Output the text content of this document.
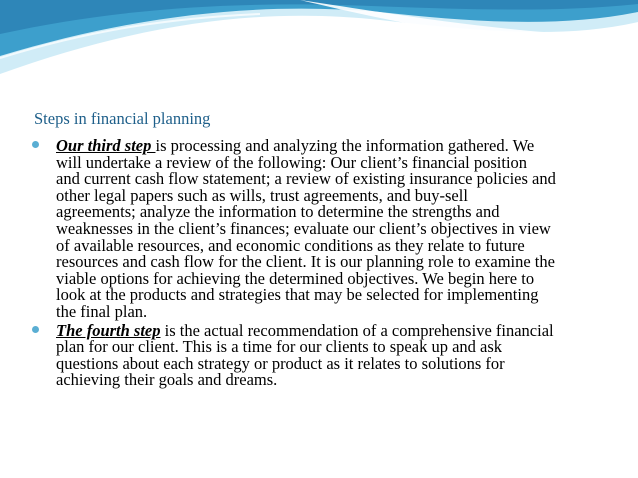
Steps in financial planning
Our third step is processing and analyzing the information gathered. We
will undertake a review of the following: Our client’s financial position
and current cash flow statement; a review of existing insurance policies and
other legal papers such as wills, trust agreements, and buy-sell
agreements; analyze the information to determine the strengths and
weaknesses in the client’s finances; evaluate our client’s objectives in view
of available resources, and economic conditions as they relate to future
resources and cash flow for the client. It is our planning role to examine the
viable options for achieving the determined objectives. We begin here to
look at the products and strategies that may be selected for implementing
the final plan.
The fourth step is the actual recommendation of a comprehensive financial
plan for our client. This is a time for our clients to speak up and ask
questions about each strategy or product as it relates to solutions for
achieving their goals and dreams.
